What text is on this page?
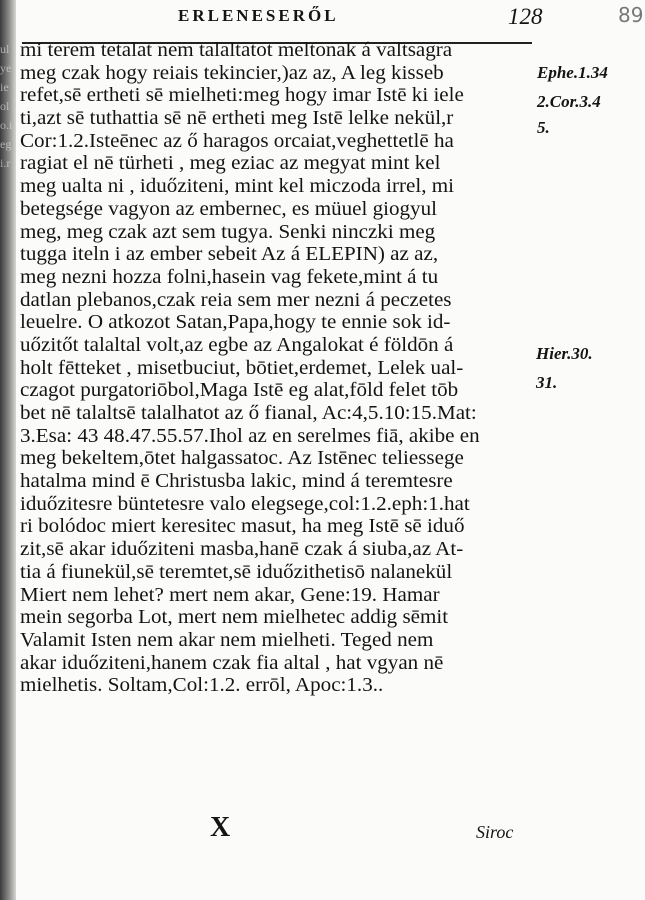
ulyeieolo.iegi.r
ERLENESERŐL	128	89
mi terem tetalat nem talaltatot meltonak á valtsagra
meg czak hogy reiais tekincier,)az az, A leg kisseb
refet,sē ertheti sē mielheti:meg hogy imar Istē ki iele
ti,azt sē tuthattia sē nē ertheti meg Istē lelke nekül,r
Cor:1.2.Isteēnec az ő haragos orcaiat,veghettetlē ha
ragiat el nē türheti , meg eziac az megyat mint kel
meg ualta ni , iduőziteni, mint kel miczoda irrel, mi
betegsége vagyon az embernec, es müuel giogyul
meg, meg czak azt sem tugya. Senki ninczki meg
tugga iteln i az ember sebeit Az á ELEPIN) az az,
meg nezni hozza folni,hasein vag fekete,mint á tu
datlan plebanos,czak reia sem mer nezni á peczetes
leuelre. O atkozot Satan,Papa,hogy te ennie sok id-
uőzitőt talaltal volt,az egbe az Angalokat é földōn á
holt fētteket , misetbuciut, bōtiet,erdemet, Lelek ual-
czagot purgatoriōbol,Maga Istē eg alat,fōld felet tōb
bet nē talaltsē talalhatot az ő fianal, Ac:4,5.10:15.Mat:
3.Esa: 43 48.47.55.57.Ihol az en serelmes fiā, akibe en
meg bekeltem,ōtet halgassatoc. Az Istēnec teliessege
hatalma mind ē Christusba lakic, mind á teremtesre
iduőzitesre büntetesre valo elegsege,col:1.2.eph:1.hat
ri bolódoc miert keresitec masut, ha meg Istē sē iduő
zit,sē akar iduőziteni masba,hanē czak á siuba,az At-
tia á fiunekül,sē teremtet,sē iduőzithetisō nalanekül
Miert nem lehet? mert nem akar, Gene:19. Hamar
mein segorba Lot, mert nem mielhetec addig sēmit
Valamit Isten nem akar nem mielheti. Teged nem
akar iduőziteni,hanem czak fia altal , hat vgyan nē
mielhetis. Soltam,Col:1.2. errōl, Apoc:1.3..
Ephe.1.34
2.Cor.3.4
5.
Hier.30.
31.
X	Siroc
